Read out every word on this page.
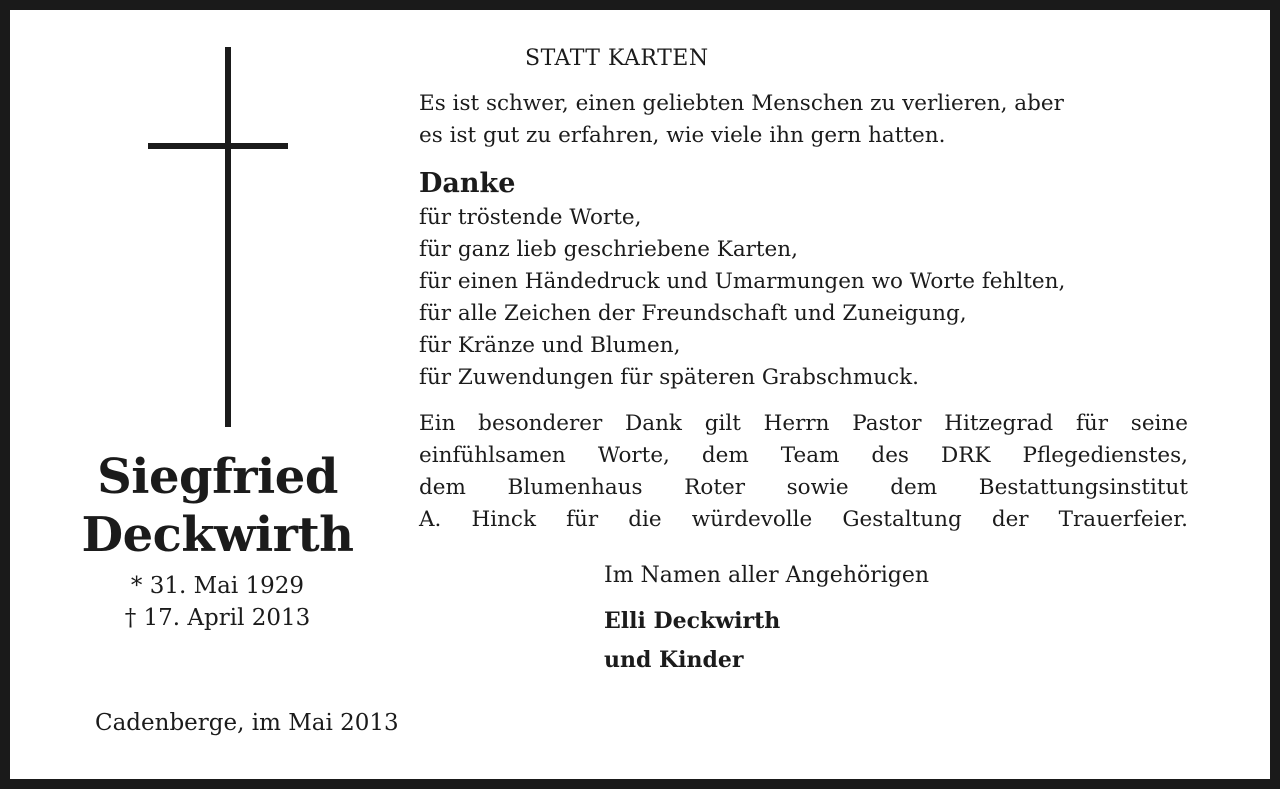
Siegfried
Deckwirth
* 31. Mai 1929
† 17. April 2013
Cadenberge, im Mai 2013
STATT KARTEN
Es ist schwer, einen geliebten Menschen zu verlieren, aber
es ist gut zu erfahren, wie viele ihn gern hatten.
Danke
für tröstende Worte,
für ganz lieb geschriebene Karten,
für einen Händedruck und Umarmungen wo Worte fehlten,
für alle Zeichen der Freundschaft und Zuneigung,
für Kränze und Blumen,
für Zuwendungen für späteren Grabschmuck.
Ein besonderer Dank gilt Herrn Pastor Hitzegrad für seine
einfühlsamen Worte, dem Team des DRK Pflegedienstes,
dem Blumenhaus Roter sowie dem Bestattungsinstitut
A. Hinck für die würdevolle Gestaltung der Trauerfeier.
Im Namen aller Angehörigen
Elli Deckwirth
und Kinder
